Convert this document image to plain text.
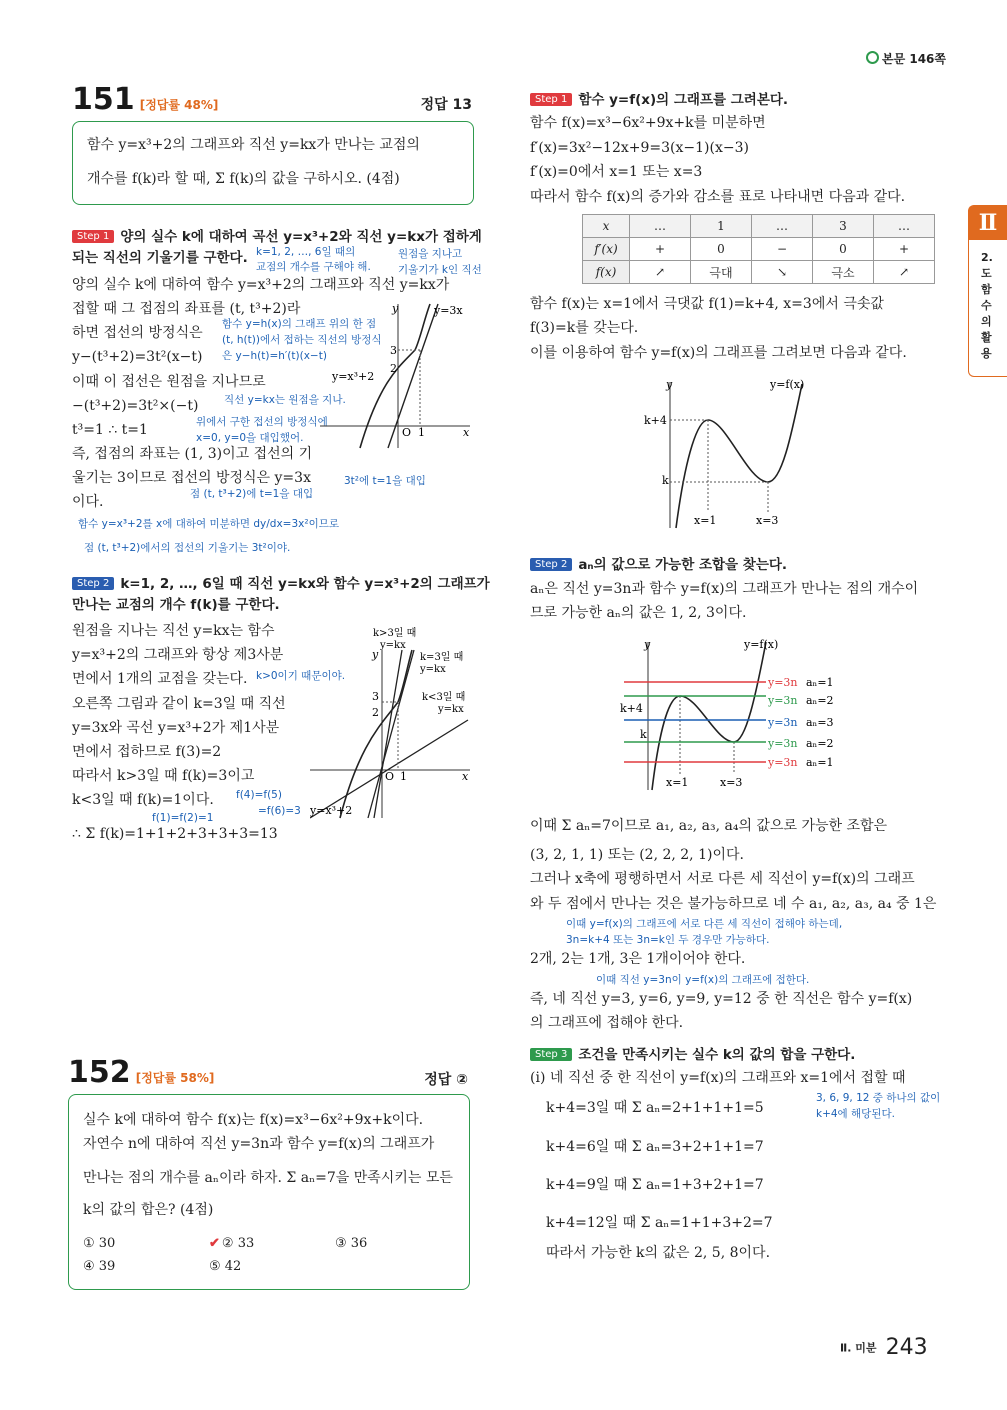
본문 146쪽
Ⅱ
2. 도함수의 활용
151 [정답률 48%]	정답 13
함수 y=x³+2의 그래프와 직선 y=kx가 만나는 교점의
개수를 f(k)라 할 때, Σ f(k)의 값을 구하시오. (4점)
Step 1 양의 실수 k에 대하여 곡선 y=x³+2와 직선 y=kx가 접하게
되는 직선의 기울기를 구한다.
양의 실수 k에 대하여 함수 y=x³+2의 그래프와 직선 y=kx가
접할 때 그 접점의 좌표를 (t, t³+2)라
하면 접선의 방정식은
y−(t³+2)=3t²(x−t)
이때 이 접선은 원점을 지나므로
−(t³+2)=3t²×(−t)
t³=1 ∴ t=1
즉, 접점의 좌표는 (1, 3)이고 접선의 기
울기는 3이므로 접선의 방정식은 y=3x
이다.
k=1, 2, …, 6일 때의
교점의 개수를 구해야 해.
원점을 지나고
기울기가 k인 직선
함수 y=h(x)의 그래프 위의 한 점
(t, h(t))에서 접하는 직선의 방정식
은 y−h(t)=h′(t)(x−t)
직선 y=kx는 원점을 지나.
위에서 구한 접선의 방정식에
x=0, y=0을 대입했어.
3t²에 t=1을 대입
점 (t, t³+2)에 t=1을 대입
함수 y=x³+2를 x에 대하여 미분하면 dy/dx=3x²이므로
점 (t, t³+2)에서의 접선의 기울기는 3t²이야.
3
2
O 1	x
y	y=3x
y=x³+2
Step 2 k=1, 2, …, 6일 때 직선 y=kx와 함수 y=x³+2의 그래프가
만나는 교점의 개수 f(k)를 구한다.
원점을 지나는 직선 y=kx는 함수
y=x³+2의 그래프와 항상 제3사분
면에서 1개의 교점을 갖는다.
오른쪽 그림과 같이 k=3일 때 직선
y=3x와 곡선 y=x³+2가 제1사분
면에서 접하므로 f(3)=2
따라서 k>3일 때 f(k)=3이고
k<3일 때 f(k)=1이다.
∴ Σ f(k)=1+1+2+3+3+3=13
k>0이기 때문이야.
f(4)=f(5)
=f(6)=3
f(1)=f(2)=1
k>3일 때
y=kx
k=3일 때
y=kx
k<3일 때
y=kx
y=x³+2
3
2
O 1	x
y
152 [정답률 58%]	정답 ②
실수 k에 대하여 함수 f(x)는 f(x)=x³−6x²+9x+k이다.
자연수 n에 대하여 직선 y=3n과 함수 y=f(x)의 그래프가
만나는 점의 개수를 aₙ이라 하자. Σ aₙ=7을 만족시키는 모든
k의 값의 합은? (4점)
① 30	✔ ② 33	③ 36
④ 39	⑤ 42
Step 1 함수 y=f(x)의 그래프를 그려본다.
함수 f(x)=x³−6x²+9x+k를 미분하면
f′(x)=3x²−12x+9=3(x−1)(x−3)
f′(x)=0에서 x=1 또는 x=3
따라서 함수 f(x)의 증가와 감소를 표로 나타내면 다음과 같다.
x	…	1	…	3	…
f′(x)	+	0	−	0	+
f(x)	↗	극대	↘	극소	↗
함수 f(x)는 x=1에서 극댓값 f(1)=k+4, x=3에서 극솟값
f(3)=k를 갖는다.
이를 이용하여 함수 y=f(x)의 그래프를 그려보면 다음과 같다.
y=f(x)
k+4
k
x=1	x=3
y
Step 2 aₙ의 값으로 가능한 조합을 찾는다.
aₙ은 직선 y=3n과 함수 y=f(x)의 그래프가 만나는 점의 개수이
므로 가능한 aₙ의 값은 1, 2, 3이다.
y=3n aₙ=1
y=3n aₙ=2
y=3n aₙ=3
y=3n aₙ=2
y=3n aₙ=1
y=f(x)
k+4
k
x=1	x=3
y
이때 Σ aₙ=7이므로 a₁, a₂, a₃, a₄의 값으로 가능한 조합은
(3, 2, 1, 1) 또는 (2, 2, 2, 1)이다.
그러나 x축에 평행하면서 서로 다른 세 직선이 y=f(x)의 그래프
와 두 점에서 만나는 것은 불가능하므로 네 수 a₁, a₂, a₃, a₄ 중 1은
2개, 2는 1개, 3은 1개이어야 한다.
즉, 네 직선 y=3, y=6, y=9, y=12 중 한 직선은 함수 y=f(x)
의 그래프에 접해야 한다.
이때 y=f(x)의 그래프에 서로 다른 세 직선이 접해야 하는데,
3n=k+4 또는 3n=k인 두 경우만 가능하다.
이때 직선 y=3n이 y=f(x)의 그래프에 접한다.
Step 3 조건을 만족시키는 실수 k의 값의 합을 구한다.
(i) 네 직선 중 한 직선이 y=f(x)의 그래프와 x=1에서 접할 때
k+4=3일 때 Σ aₙ=2+1+1+1=5
k+4=6일 때 Σ aₙ=3+2+1+1=7
k+4=9일 때 Σ aₙ=1+3+2+1=7
k+4=12일 때 Σ aₙ=1+1+3+2=7
따라서 가능한 k의 값은 2, 5, 8이다.
3, 6, 9, 12 중 하나의 값이
k+4에 해당된다.
Ⅱ. 미분 243
